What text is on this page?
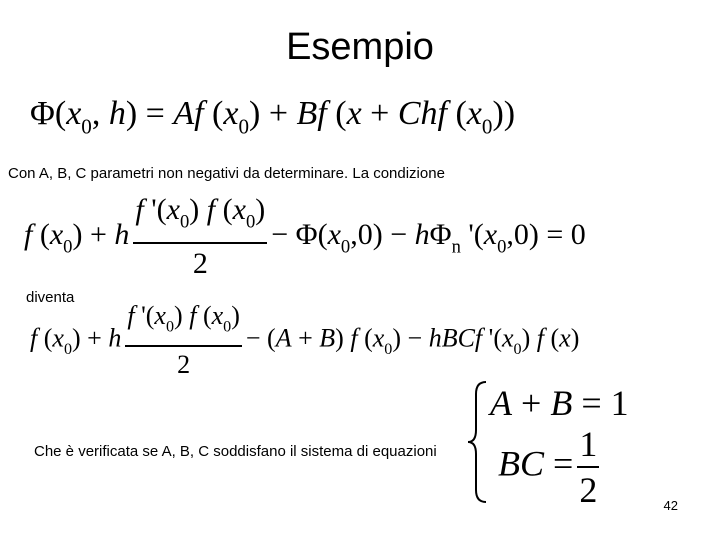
Esempio
$\Phi(x_0$, h) = Af $(x_0) + Bf$ (x + Chf $(x_0)$)
Con A, B, C parametri non negativi da determinare. La condizione
f $(x_0) + h \frac{f '(x_0) f (x_0)}{2} - \Phi(x_0,0) - h\Phi_n$ '$(x_0,0) = 0$
diventa
f $(x_0) + h \frac{f '(x_0) f (x_0)}{2} - (A + B)$ f $(x_0)$ − hBCf '$(x_0)$ f (x)
Che è verificata se A, B, C soddisfano il sistema di equazioni
A + B = 1
BC = $\frac{1}{2}$	42
